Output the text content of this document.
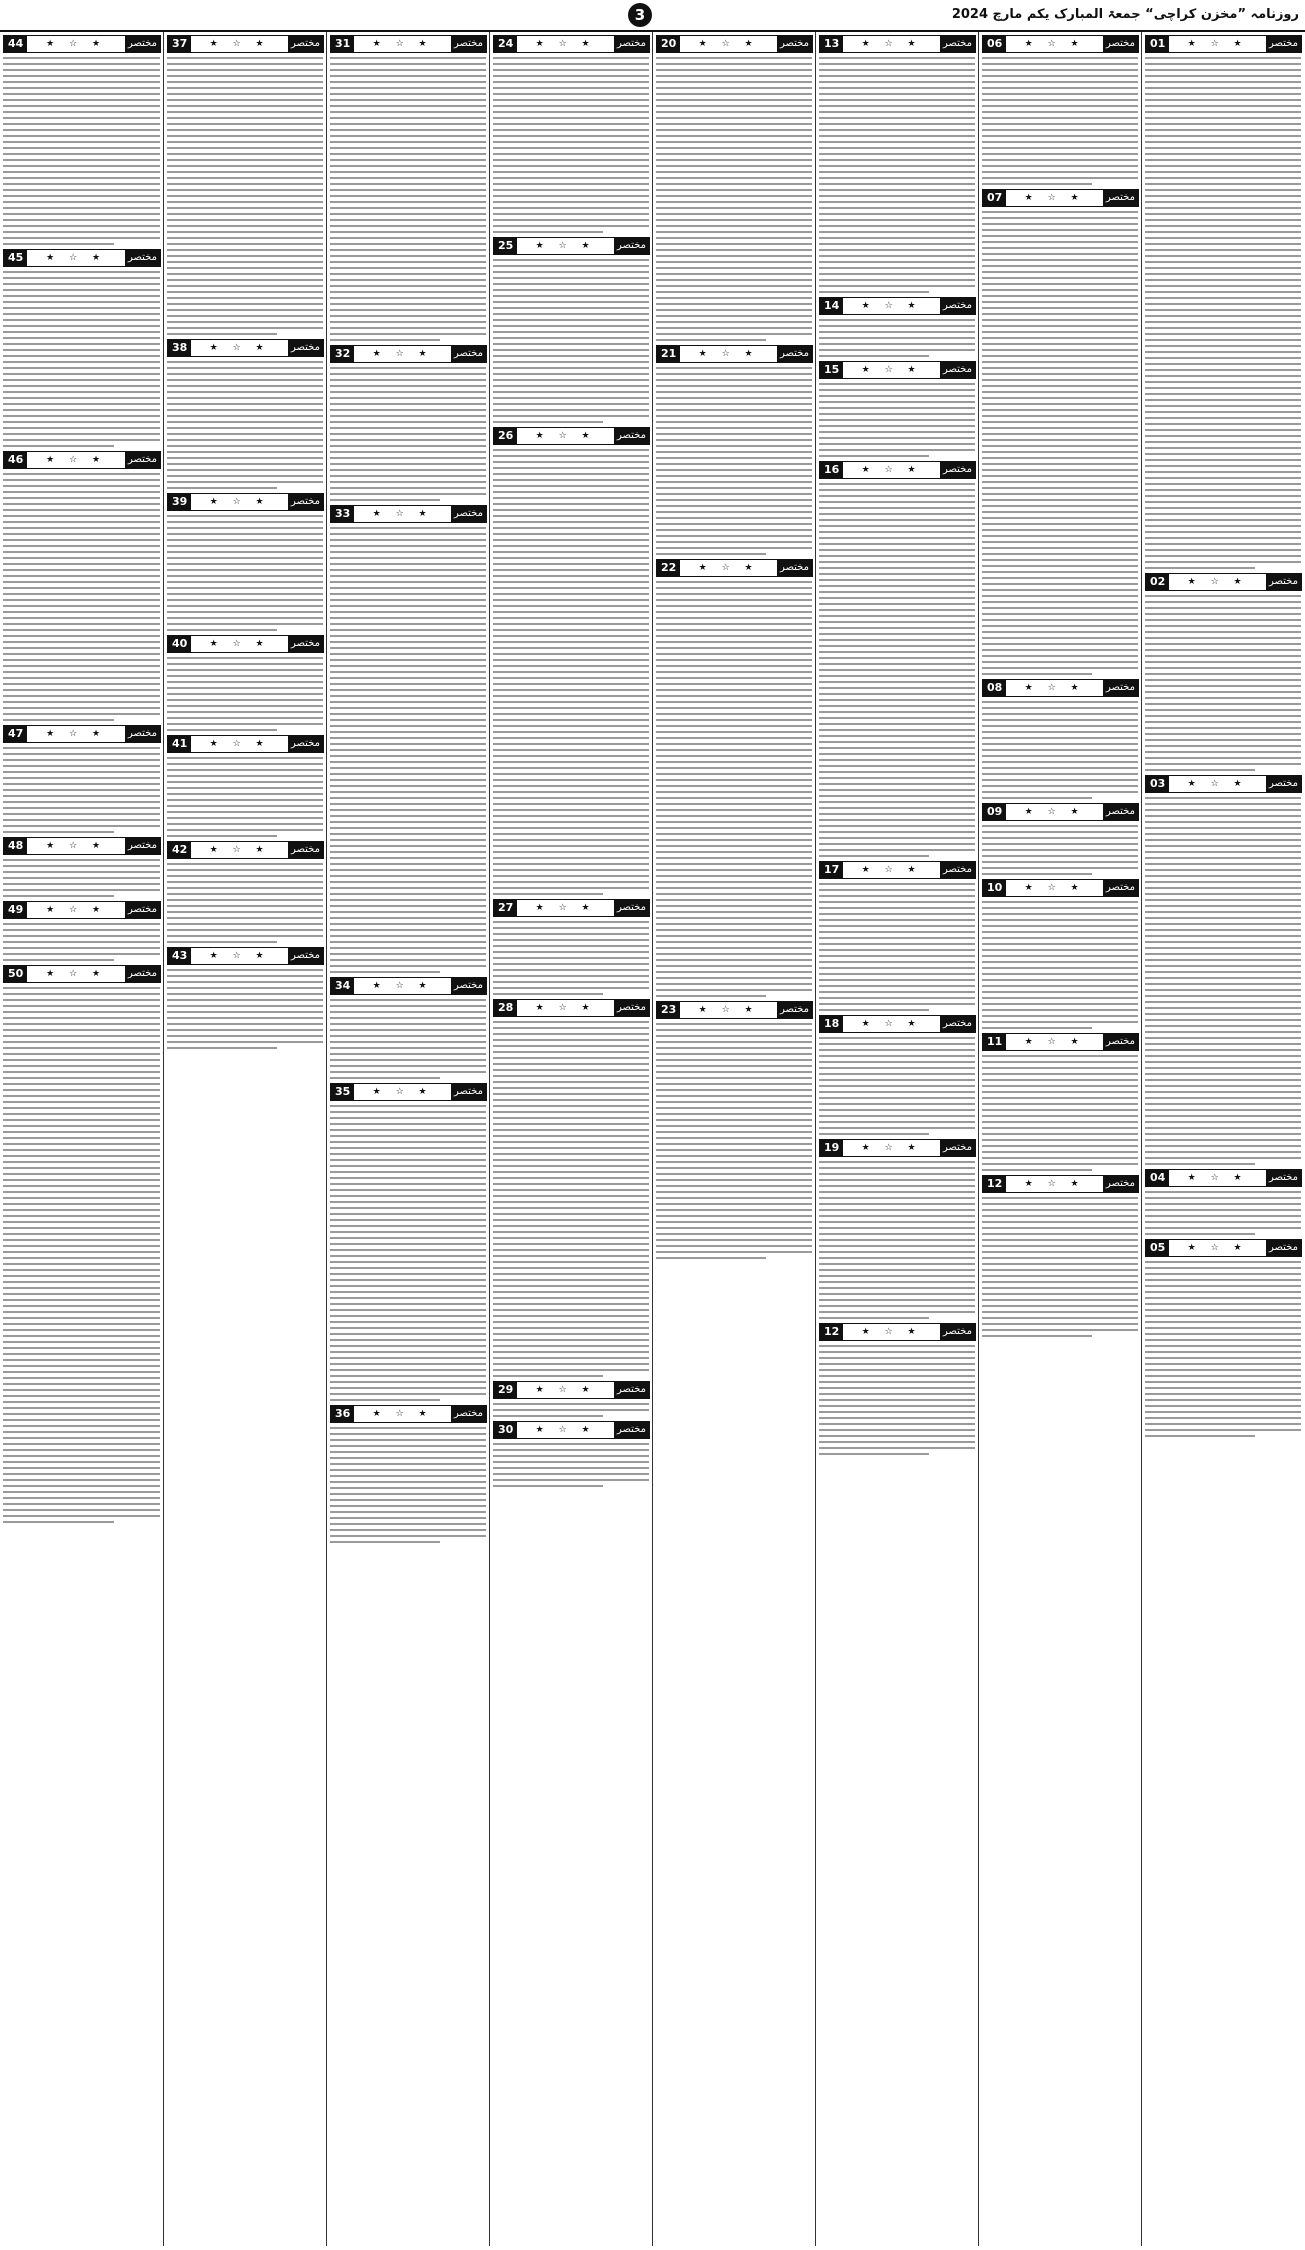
روزنامہ ”مخزن کراچی“ جمعۃ المبارک یکم مارچ 2024
3
01	★ ☆ ★	مختصر
02	★ ☆ ★	مختصر
03	★ ☆ ★	مختصر
04	★ ☆ ★	مختصر
05	★ ☆ ★	مختصر
06	★ ☆ ★	مختصر
07	★ ☆ ★	مختصر
08	★ ☆ ★	مختصر
09	★ ☆ ★	مختصر
10	★ ☆ ★	مختصر
11	★ ☆ ★	مختصر
12	★ ☆ ★	مختصر
13	★ ☆ ★	مختصر
14	★ ☆ ★	مختصر
15	★ ☆ ★	مختصر
16	★ ☆ ★	مختصر
17	★ ☆ ★	مختصر
18	★ ☆ ★	مختصر
19	★ ☆ ★	مختصر
12	★ ☆ ★	مختصر
20	★ ☆ ★	مختصر
21	★ ☆ ★	مختصر
22	★ ☆ ★	مختصر
23	★ ☆ ★	مختصر
24	★ ☆ ★	مختصر
25	★ ☆ ★	مختصر
26	★ ☆ ★	مختصر
27	★ ☆ ★	مختصر
28	★ ☆ ★	مختصر
29	★ ☆ ★	مختصر
30	★ ☆ ★	مختصر
31	★ ☆ ★	مختصر
32	★ ☆ ★	مختصر
33	★ ☆ ★	مختصر
34	★ ☆ ★	مختصر
35	★ ☆ ★	مختصر
36	★ ☆ ★	مختصر
37	★ ☆ ★	مختصر
38	★ ☆ ★	مختصر
39	★ ☆ ★	مختصر
40	★ ☆ ★	مختصر
41	★ ☆ ★	مختصر
42	★ ☆ ★	مختصر
43	★ ☆ ★	مختصر
44	★ ☆ ★	مختصر
45	★ ☆ ★	مختصر
46	★ ☆ ★	مختصر
47	★ ☆ ★	مختصر
48	★ ☆ ★	مختصر
49	★ ☆ ★	مختصر
50	★ ☆ ★	مختصر
